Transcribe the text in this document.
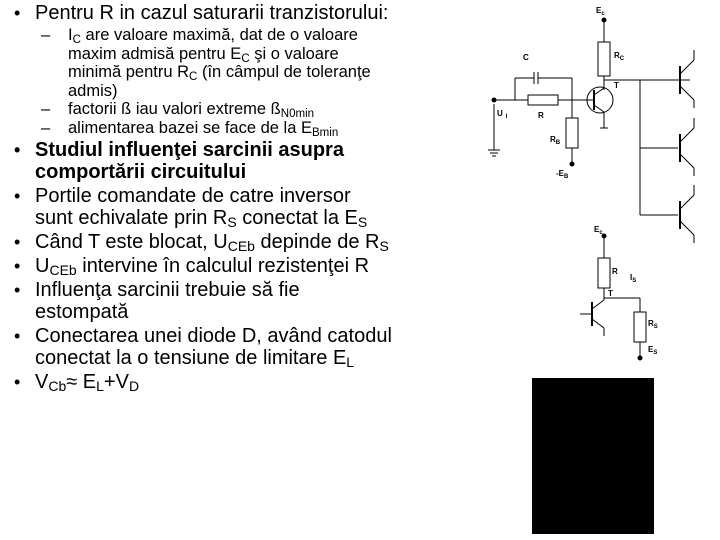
• Pentru R in cazul saturarii tranzistorului:
– $I_C$ are valoare maximă, dat de o valoare
maxim admisă pentru $E_C$ şi o valoare
minimă pentru $R_C$ (în câmpul de toleranţe
admis)
– factorii ß iau valori extreme $ß_{N0min}$
– alimentarea bazei se face de la $E_{Bmin}$
• Studiul influenţei sarcinii asupra
comportării circuitului
• Portile comandate de catre inversor
sunt echivalate prin $R_S$ conectat la $E_S$
• Când T este blocat, $U_{CEb}$ depinde de $R_S$
• $U_{CEb}$ intervine în calculul rezistenţei R
• Influenţa sarcinii trebuie să fie
estompată
• Conectarea unei diode D, având catodul
conectat la o tensiune de limitare $E_L$
• $V_{Cb}\approx E_L+V_D$
$E_c$
C	$R_C$
T
U $_I$	R
$R_B$
$-E_B$
$E_c$
R
$I_S$
T
$R_S$
$E_S$
